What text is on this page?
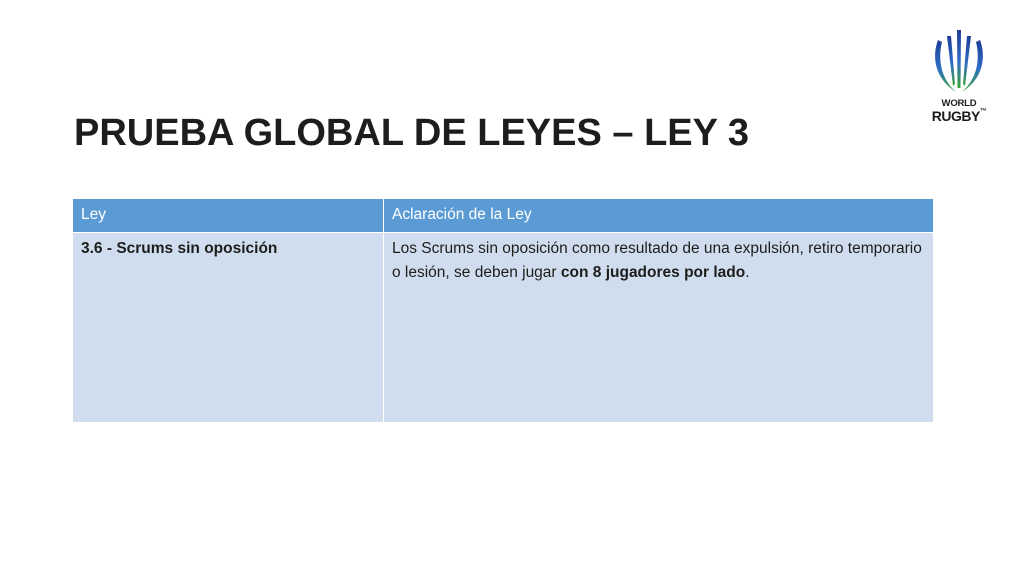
WORLD
RUGBY™
PRUEBA GLOBAL DE LEYES – LEY 3
Ley	Aclaración de la Ley
3.6 - Scrums sin oposición	Los Scrums sin oposición como resultado de una expulsión, retiro temporario o lesión, se deben jugar con 8 jugadores por lado.
